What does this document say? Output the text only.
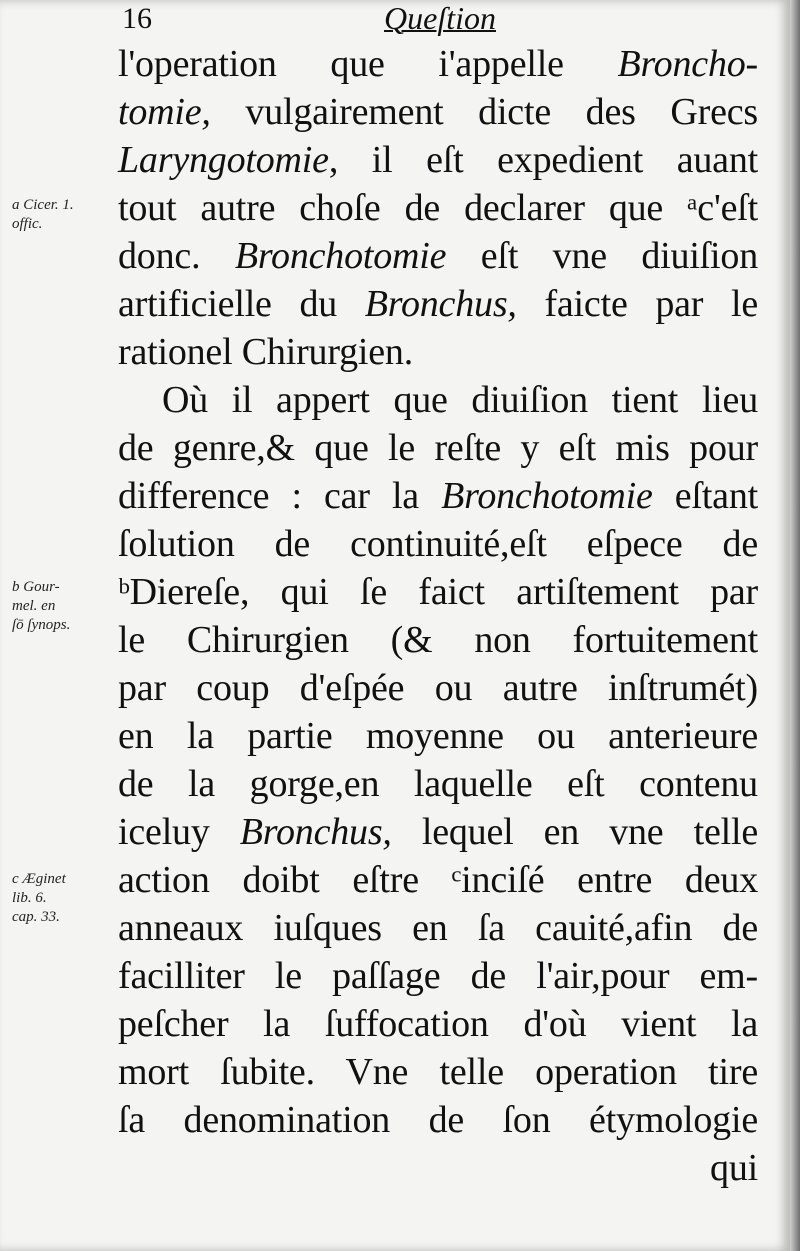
16	Queſtion
l'operation que i'appelle Broncho-
tomie, vulgairement dicte des Grecs
Laryngotomie, il eſt expedient auant
tout autre choſe de declarer que ᵃc'eſt
donc. Bronchotomie eſt vne diuiſion
artificielle du Bronchus, faicte par le
rationel Chirurgien.
Où il appert que diuiſion tient lieu
de genre,& que le reſte y eſt mis pour
difference : car la Bronchotomie eſtant
ſolution de continuité,eſt eſpece de
ᵇDiereſe, qui ſe faict artiſtement par
le Chirurgien (& non fortuitement
par coup d'eſpée ou autre inſtrumét)
en la partie moyenne ou anterieure
de la gorge,en laquelle eſt contenu
iceluy Bronchus, lequel en vne telle
action doibt eſtre ᶜinciſé entre deux
anneaux iuſques en ſa cauité,afin de
facilliter le paſſage de l'air,pour em-
peſcher la ſuffocation d'où vient la
mort ſubite. Vne telle operation tire
ſa denomination de ſon étymologie
qui
a Cicer. 1.
offic.
b Gour-
mel. en
ſō ſynops.
c Æginet
lib. 6.
cap. 33.
